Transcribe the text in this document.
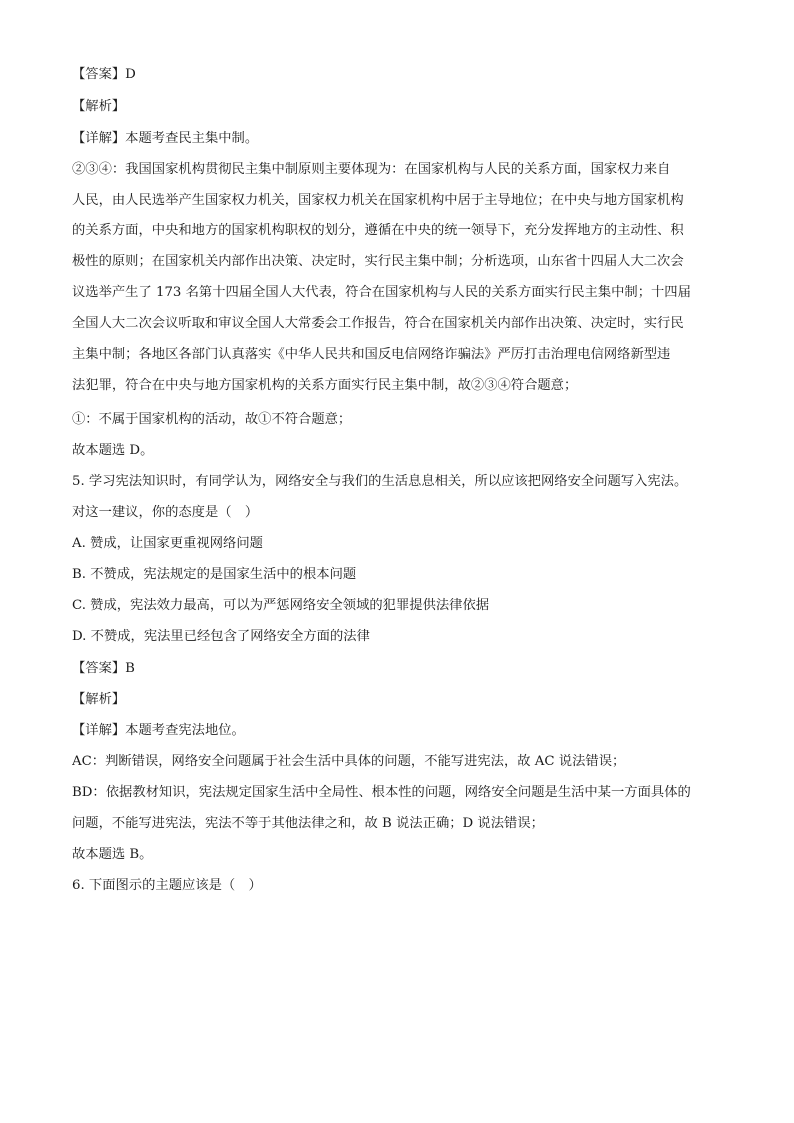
【答案】D
【解析】
【详解】本题考查民主集中制。
②③④：我国国家机构贯彻民主集中制原则主要体现为：在国家机构与人民的关系方面，国家权力来自
人民，由人民选举产生国家权力机关，国家权力机关在国家机构中居于主导地位；在中央与地方国家机构
的关系方面，中央和地方的国家机构职权的划分，遵循在中央的统一领导下，充分发挥地方的主动性、积
极性的原则；在国家机关内部作出决策、决定时，实行民主集中制；分析选项，山东省十四届人大二次会
议选举产生了 173 名第十四届全国人大代表，符合在国家机构与人民的关系方面实行民主集中制；十四届
全国人大二次会议听取和审议全国人大常委会工作报告，符合在国家机关内部作出决策、决定时，实行民
主集中制；各地区各部门认真落实《中华人民共和国反电信网络诈骗法》严厉打击治理电信网络新型违
法犯罪，符合在中央与地方国家机构的关系方面实行民主集中制，故②③④符合题意；
①：不属于国家机构的活动，故①不符合题意；
故本题选 D。
5. 学习宪法知识时，有同学认为，网络安全与我们的生活息息相关，所以应该把网络安全问题写入宪法。
对这一建议，你的态度是（　）
A. 赞成，让国家更重视网络问题
B. 不赞成，宪法规定的是国家生活中的根本问题
C. 赞成，宪法效力最高，可以为严惩网络安全领域的犯罪提供法律依据
D. 不赞成，宪法里已经包含了网络安全方面的法律
【答案】B
【解析】
【详解】本题考查宪法地位。
AC：判断错误，网络安全问题属于社会生活中具体的问题，不能写进宪法，故 AC 说法错误；
BD：依据教材知识，宪法规定国家生活中全局性、根本性的问题，网络安全问题是生活中某一方面具体的
问题，不能写进宪法，宪法不等于其他法律之和，故 B 说法正确；D 说法错误；
故本题选 B。
6. 下面图示的主题应该是（　）
